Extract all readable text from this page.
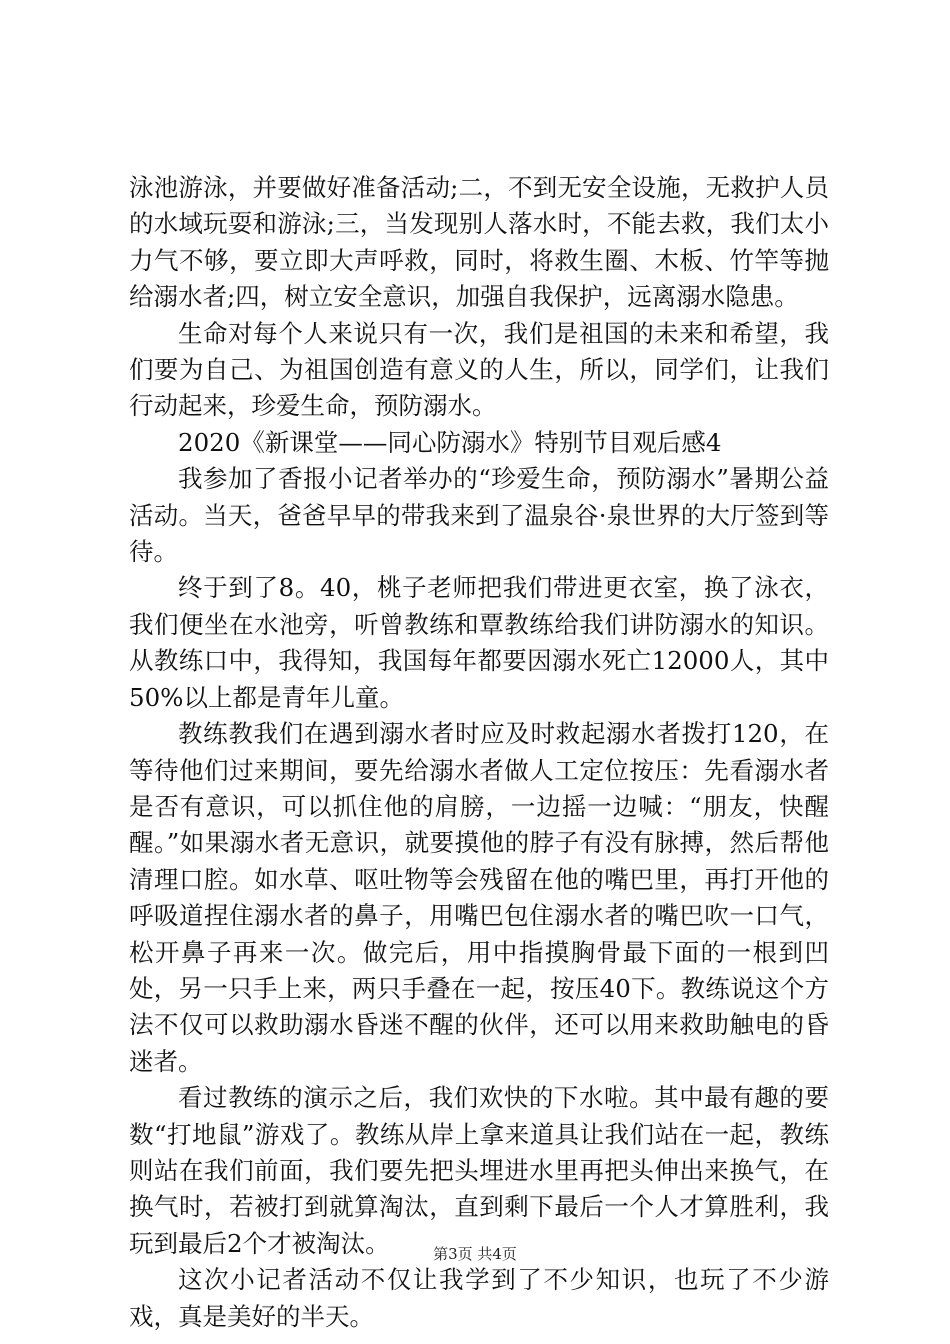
泳池游泳，并要做好准备活动;二，不到无安全设施，无救护人员的水域玩耍和游泳;三，当发现别人落水时，不能去救，我们太小力气不够，要立即大声呼救，同时，将救生圈、木板、竹竿等抛给溺水者;四，树立安全意识，加强自我保护，远离溺水隐患。

生命对每个人来说只有一次，我们是祖国的未来和希望，我们要为自己、为祖国创造有意义的人生，所以，同学们，让我们行动起来，珍爱生命，预防溺水。

2020《新课堂——同心防溺水》特别节目观后感4

我参加了香报小记者举办的“珍爱生命，预防溺水”暑期公益活动。当天，爸爸早早的带我来到了温泉谷·泉世界的大厅签到等待。

终于到了8。40，桃子老师把我们带进更衣室，换了泳衣，我们便坐在水池旁，听曾教练和覃教练给我们讲防溺水的知识。从教练口中，我得知，我国每年都要因溺水死亡12000人，其中50%以上都是青年儿童。

教练教我们在遇到溺水者时应及时救起溺水者拨打120，在等待他们过来期间，要先给溺水者做人工定位按压：先看溺水者是否有意识，可以抓住他的肩膀，一边摇一边喊：“朋友，快醒醒。”如果溺水者无意识，就要摸他的脖子有没有脉搏，然后帮他清理口腔。如水草、呕吐物等会残留在他的嘴巴里，再打开他的呼吸道捏住溺水者的鼻子，用嘴巴包住溺水者的嘴巴吹一口气，松开鼻子再来一次。做完后，用中指摸胸骨最下面的一根到凹处，另一只手上来，两只手叠在一起，按压40下。教练说这个方法不仅可以救助溺水昏迷不醒的伙伴，还可以用来救助触电的昏迷者。

看过教练的演示之后，我们欢快的下水啦。其中最有趣的要数“打地鼠”游戏了。教练从岸上拿来道具让我们站在一起，教练则站在我们前面，我们要先把头埋进水里再把头伸出来换气，在换气时，若被打到就算淘汰，直到剩下最后一个人才算胜利，我玩到最后2个才被淘汰。

这次小记者活动不仅让我学到了不少知识，也玩了不少游戏，真是美好的半天。

第3页 共4页
